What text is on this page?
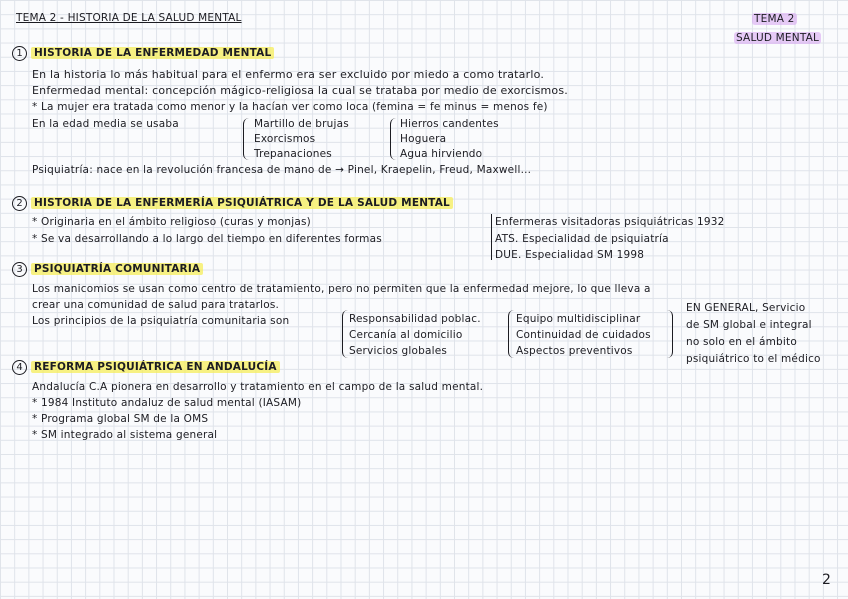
TEMA 2 - HISTORIA DE LA SALUD MENTAL	TEMA 2
SALUD MENTAL
1	HISTORIA DE LA ENFERMEDAD MENTAL
En la historia lo más habitual para el enfermo era ser excluido por miedo a como tratarlo.
Enfermedad mental: concepción mágico-religiosa la cual se trataba por medio de exorcismos.
* La mujer era tratada como menor y la hacían ver como loca (femina = fe minus = menos fe)
En la edad media se usaba	Martillo de brujas
Exorcismos
Trepanaciones
Hierros candentes
Hoguera
Agua hirviendo
Psiquiatría: nace en la revolución francesa de mano de → Pinel, Kraepelin, Freud, Maxwell...
2	HISTORIA DE LA ENFERMERÍA PSIQUIÁTRICA Y DE LA SALUD MENTAL
* Originaria en el ámbito religioso (curas y monjas)
* Se va desarrollando a lo largo del tiempo en diferentes formas
Enfermeras visitadoras psiquiátricas 1932
ATS. Especialidad de psiquiatría
DUE. Especialidad SM 1998
3	PSIQUIATRÍA COMUNITARIA
Los manicomios se usan como centro de tratamiento, pero no permiten que la enfermedad mejore, lo que lleva a
crear una comunidad de salud para tratarlos.
Los principios de la psiquiatría comunitaria son	Responsabilidad poblac.
Cercanía al domicilio
Servicios globales
Equipo multidisciplinar
Continuidad de cuidados
Aspectos preventivos
EN GENERAL, Servicio
de SM global e integral
no solo en el ámbito
psiquiátrico to el médico
4	REFORMA PSIQUIÁTRICA EN ANDALUCÍA
Andalucía C.A pionera en desarrollo y tratamiento en el campo de la salud mental.
* 1984 Instituto andaluz de salud mental (IASAM)
* Programa global SM de la OMS
* SM integrado al sistema general
2
